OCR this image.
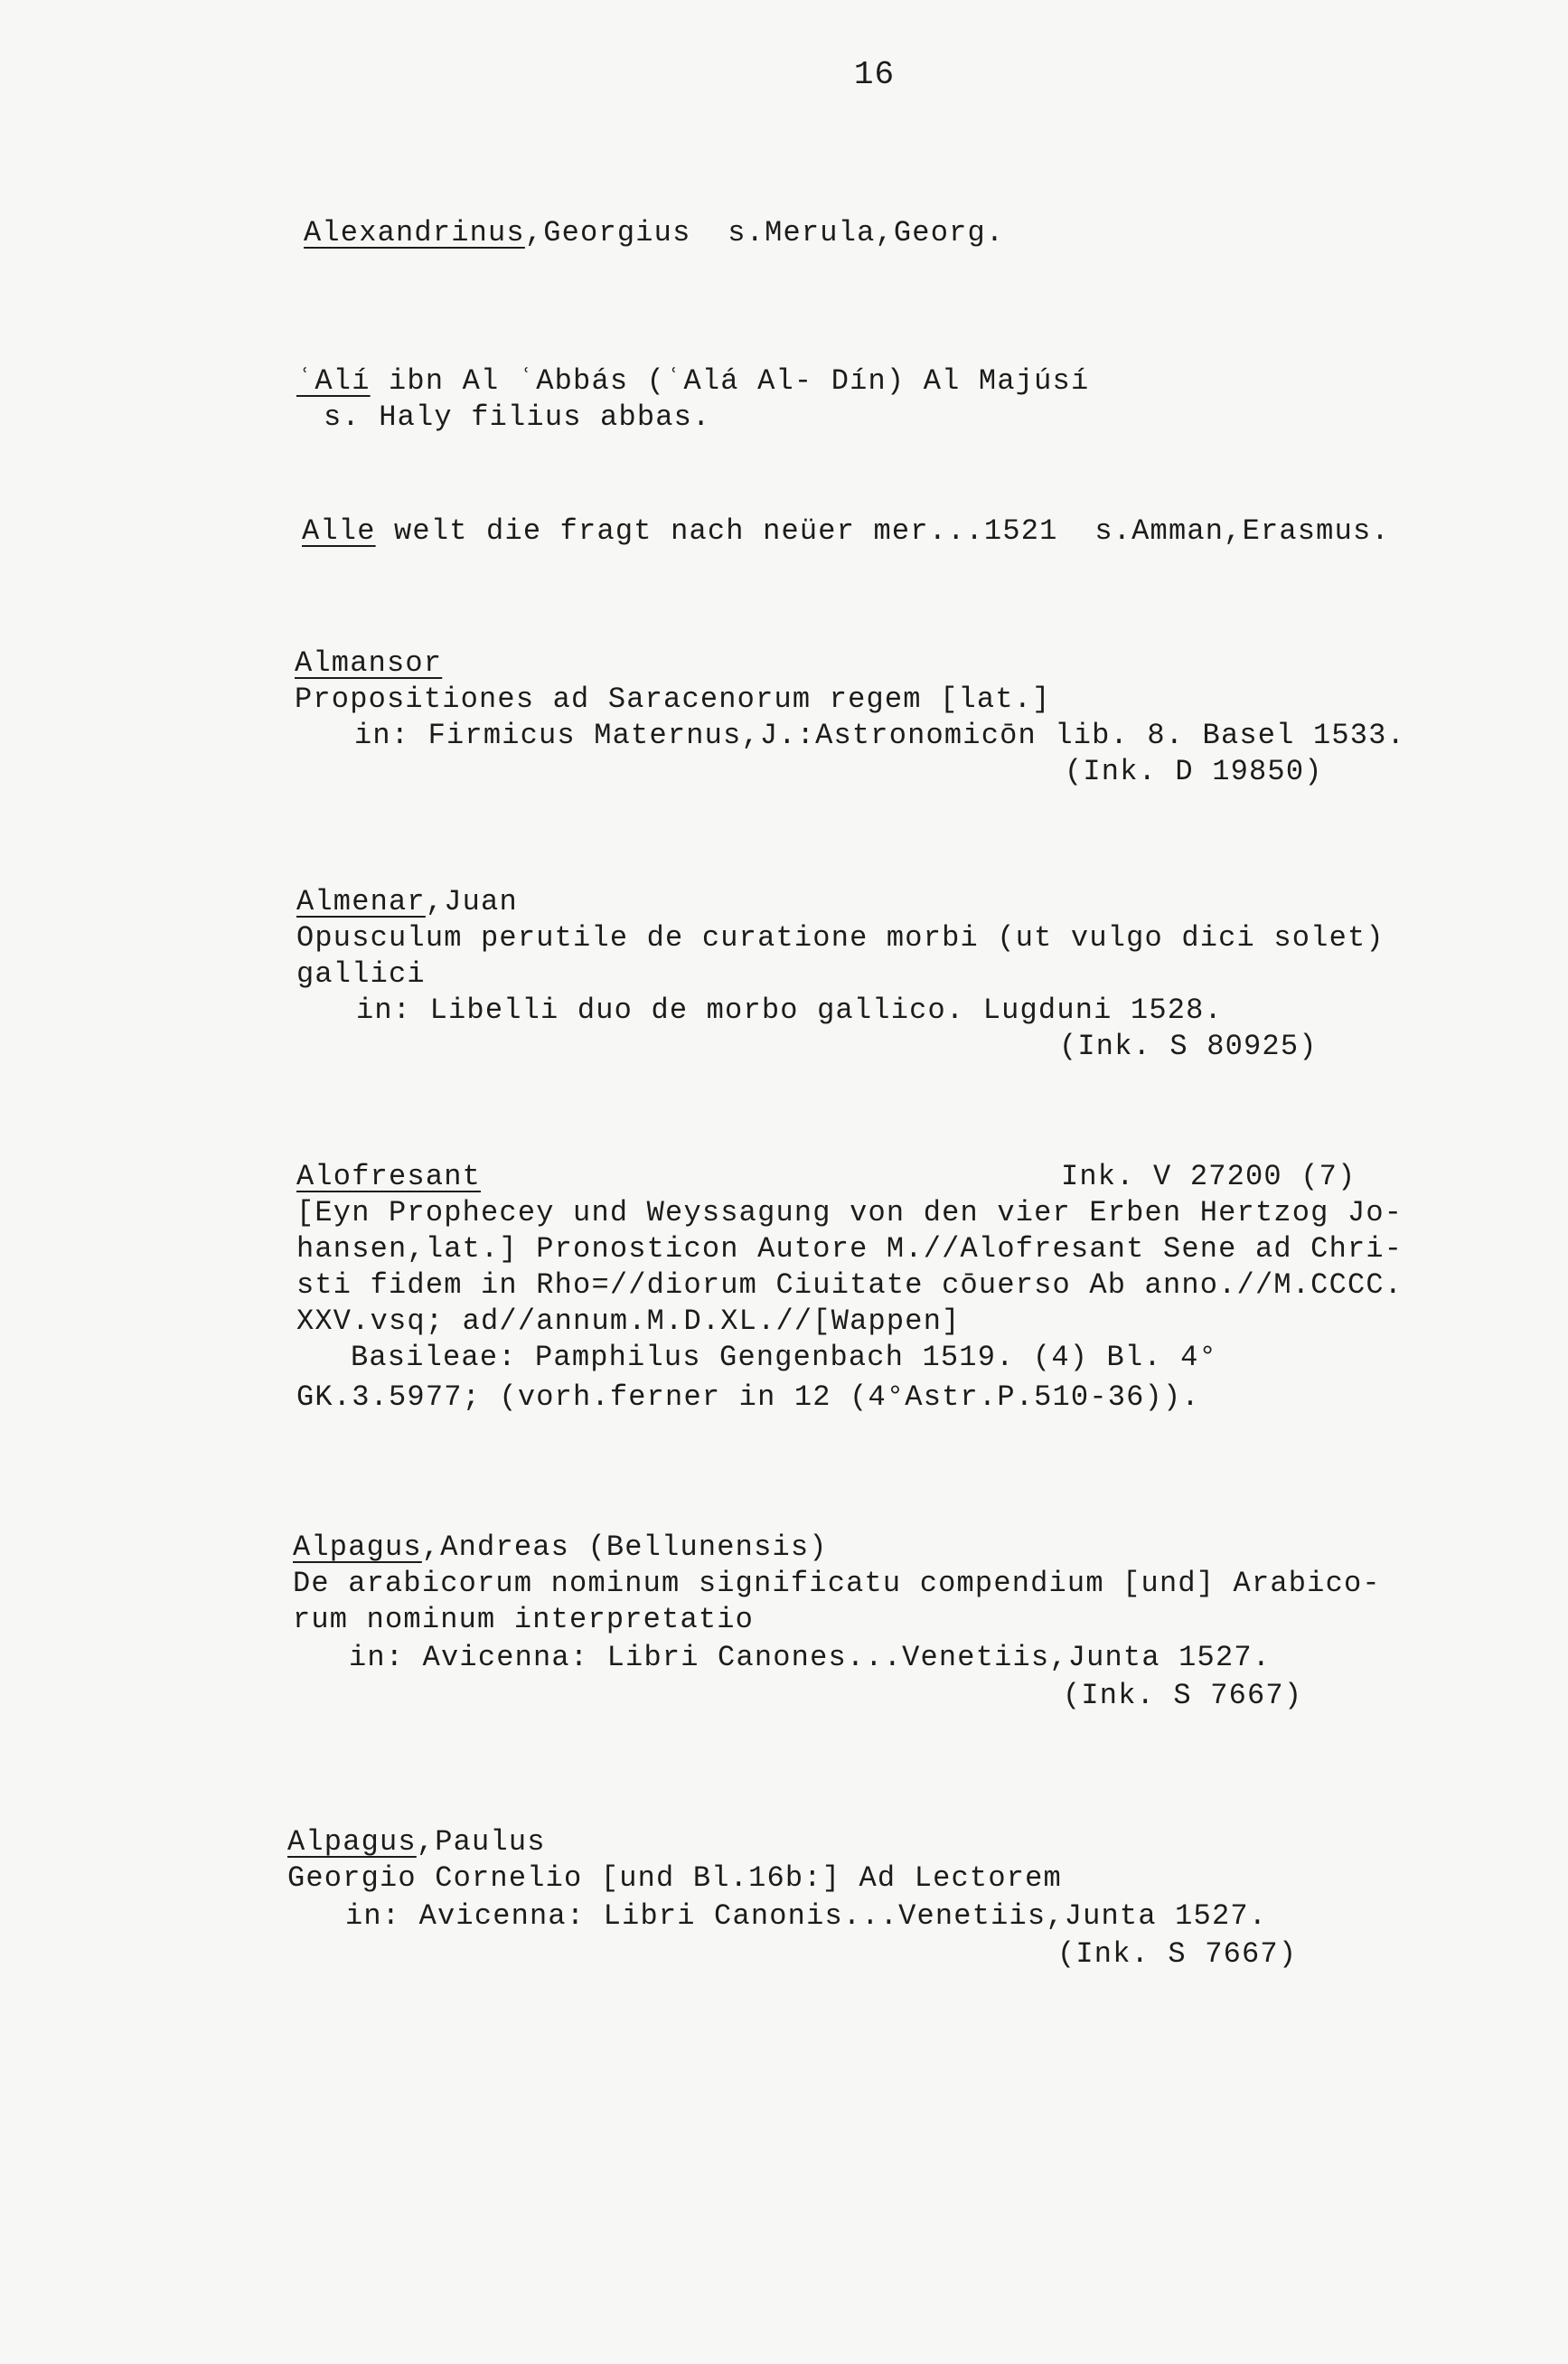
16
Alexandrinus,Georgius  s.Merula,Georg.
ʿAlí ibn Al ʿAbbás (ʿAlá Al- Dín) Al Majúsí
s. Haly filius abbas.
Alle welt die fragt nach neüer mer...1521  s.Amman,Erasmus.
Almansor
Propositiones ad Saracenorum regem [lat.]
in: Firmicus Maternus,J.:Astronomicōn lib. 8. Basel 1533.
(Ink. D 19850)
Almenar,Juan
Opusculum perutile de curatione morbi (ut vulgo dici solet)
gallici
in: Libelli duo de morbo gallico. Lugduni 1528.
(Ink. S 80925)
Alofresant	Ink. V 27200 (7)
[Eyn Prophecey und Weyssagung von den vier Erben Hertzog Jo-
hansen,lat.] Pronosticon Autore M.//Alofresant Sene ad Chri-
sti fidem in Rho=//diorum Ciuitate cōuerso Ab anno.//M.CCCC.
XXV.vsq; ad//annum.M.D.XL.//[Wappen]
Basileae: Pamphilus Gengenbach 1519. (4) Bl. 4°
GK.3.5977; (vorh.ferner in 12 (4°Astr.P.510-36)).
Alpagus,Andreas (Bellunensis)
De arabicorum nominum significatu compendium [und] Arabico-
rum nominum interpretatio
in: Avicenna: Libri Canones...Venetiis,Junta 1527.
(Ink. S 7667)
Alpagus,Paulus
Georgio Cornelio [und Bl.16b:] Ad Lectorem
in: Avicenna: Libri Canonis...Venetiis,Junta 1527.
(Ink. S 7667)
